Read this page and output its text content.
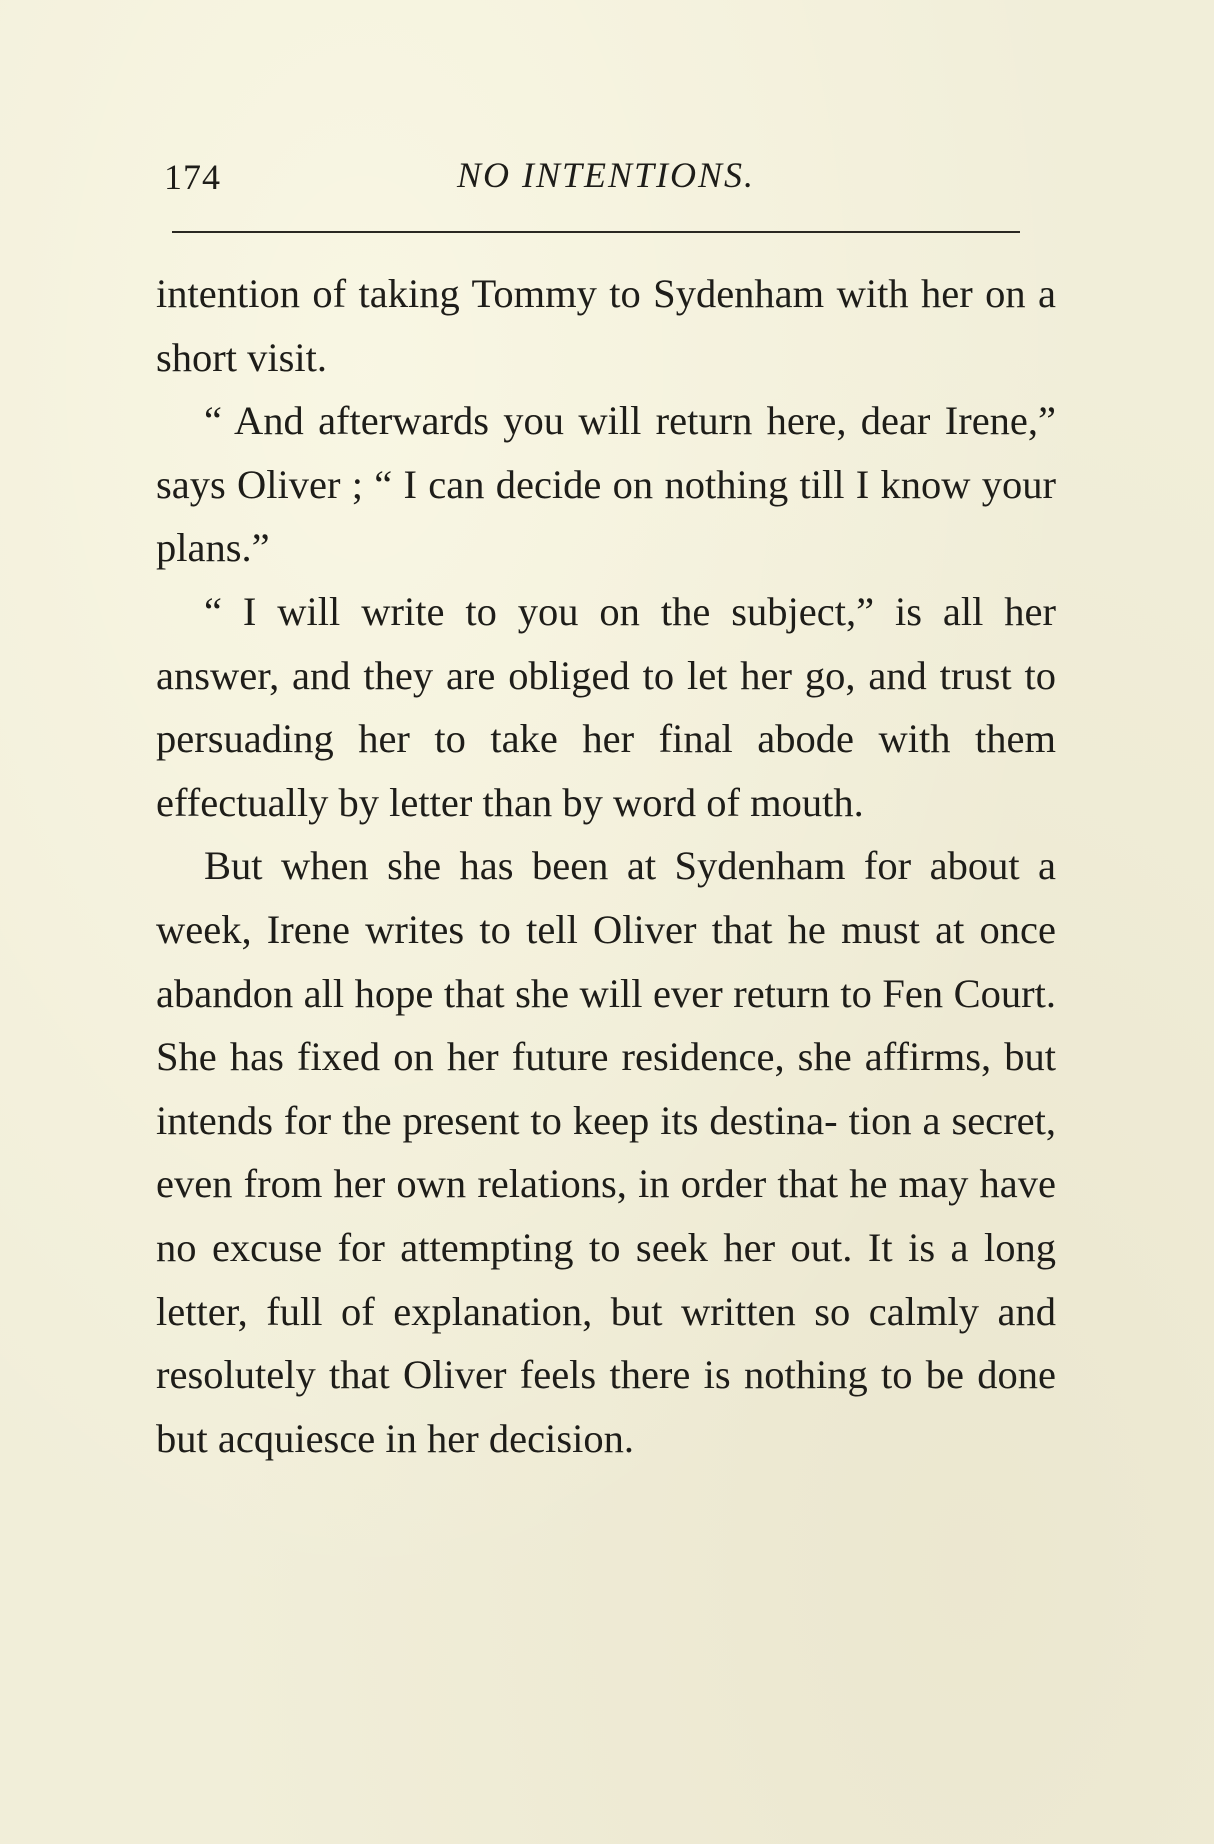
174	NO INTENTIONS.

intention of taking Tommy to Sydenham with her on a short visit.

“ And afterwards you will return here, dear Irene,” says Oliver ; “ I can decide on nothing till I know your plans.”

“ I will write to you on the subject,” is all her answer, and they are obliged to let her go, and trust to persuading her to take her final abode with them effectually by letter than by word of mouth.

But when she has been at Sydenham for about a week, Irene writes to tell Oliver that he must at once abandon all hope that she will ever return to Fen Court. She has fixed on her future residence, she affirms, but intends for the present to keep its destina- tion a secret, even from her own relations, in order that he may have no excuse for attempting to seek her out. It is a long letter, full of explanation, but written so calmly and resolutely that Oliver feels there is nothing to be done but acquiesce in her decision.
